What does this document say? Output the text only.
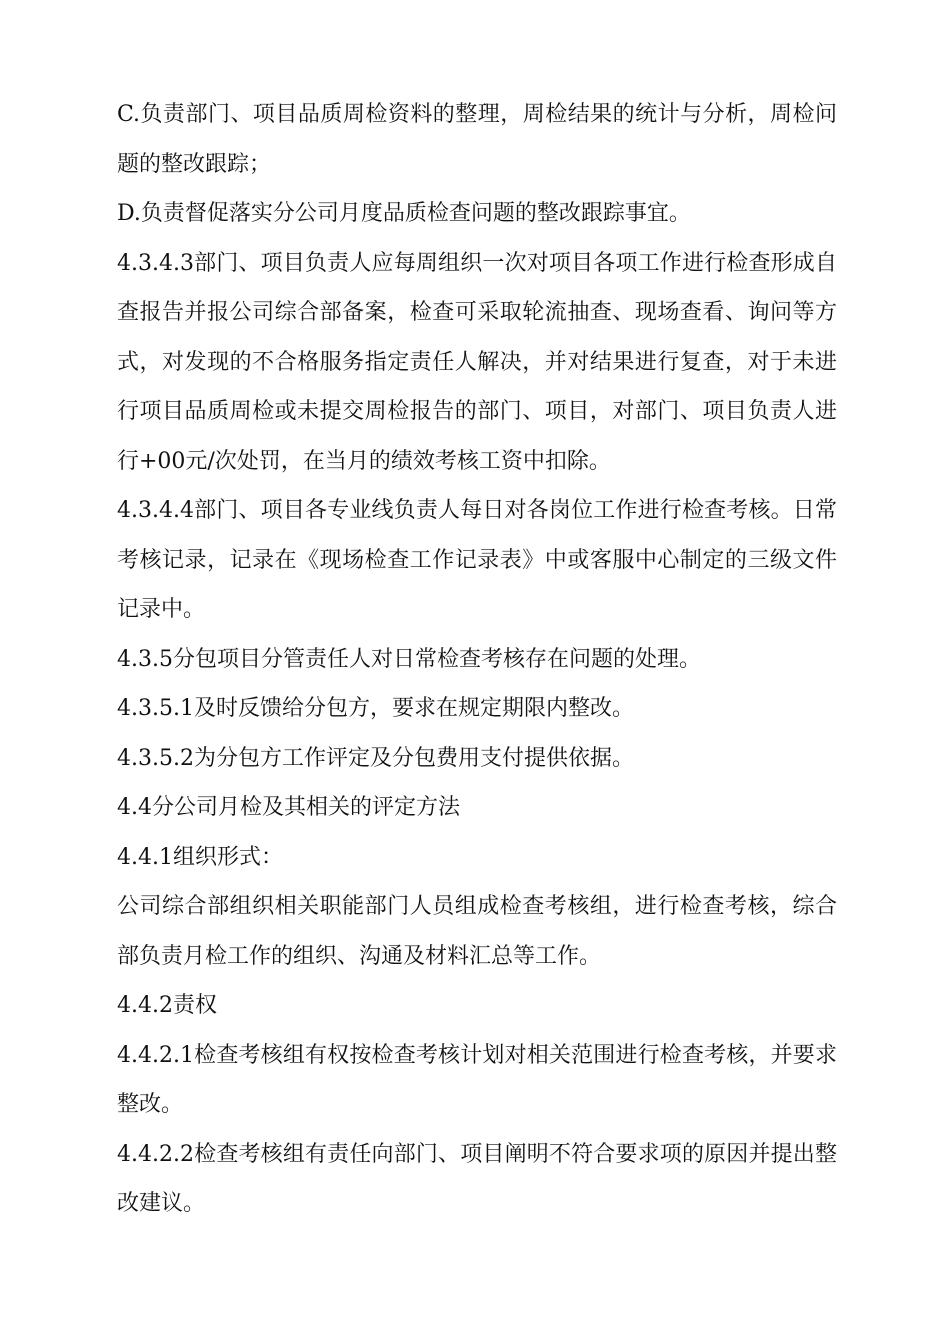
C.负责部门、项目品质周检资料的整理，周检结果的统计与分析，周检问题的整改跟踪；

D.负责督促落实分公司月度品质检查问题的整改跟踪事宜。

4.3.4.3部门、项目负责人应每周组织一次对项目各项工作进行检查形成自查报告并报公司综合部备案，检查可采取轮流抽查、现场查看、询问等方式，对发现的不合格服务指定责任人解决，并对结果进行复查，对于未进行项目品质周检或未提交周检报告的部门、项目，对部门、项目负责人进行+00元/次处罚，在当月的绩效考核工资中扣除。

4.3.4.4部门、项目各专业线负责人每日对各岗位工作进行检查考核。日常考核记录，记录在《现场检查工作记录表》中或客服中心制定的三级文件记录中。

4.3.5分包项目分管责任人对日常检查考核存在问题的处理。

4.3.5.1及时反馈给分包方，要求在规定期限内整改。

4.3.5.2为分包方工作评定及分包费用支付提供依据。

4.4分公司月检及其相关的评定方法

4.4.1组织形式：

公司综合部组织相关职能部门人员组成检查考核组，进行检查考核，综合部负责月检工作的组织、沟通及材料汇总等工作。

4.4.2责权

4.4.2.1检查考核组有权按检查考核计划对相关范围进行检查考核，并要求整改。

4.4.2.2检查考核组有责任向部门、项目阐明不符合要求项的原因并提出整改建议。
